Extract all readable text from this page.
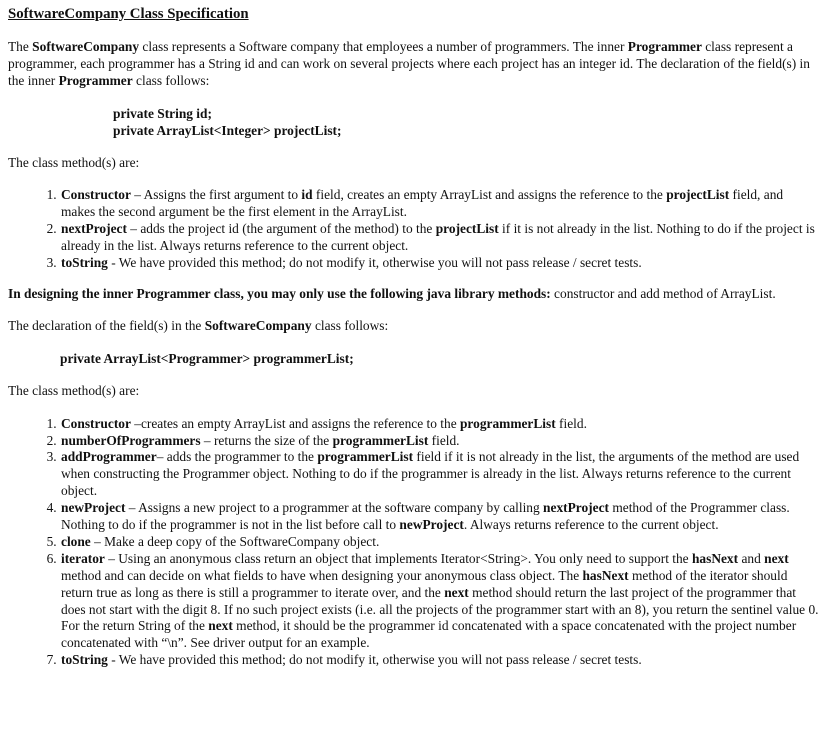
SoftwareCompany Class Specification

The SoftwareCompany class represents a Software company that employees a number of programmers. The inner Programmer class represent a programmer, each programmer has a String id and can work on several projects where each project has an integer id. The declaration of the field(s) in the inner Programmer class follows:

private String id;
private ArrayList<Integer> projectList;

The class method(s) are:

1. Constructor – Assigns the first argument to id field, creates an empty ArrayList and assigns the reference to the projectList field, and makes the second argument be the first element in the ArrayList.
2. nextProject – adds the project id (the argument of the method) to the projectList if it is not already in the list. Nothing to do if the project is already in the list. Always returns reference to the current object.
3. toString - We have provided this method; do not modify it, otherwise you will not pass release / secret tests.

In designing the inner Programmer class, you may only use the following java library methods: constructor and add method of ArrayList.

The declaration of the field(s) in the SoftwareCompany class follows:

private ArrayList<Programmer> programmerList;

The class method(s) are:

1. Constructor –creates an empty ArrayList and assigns the reference to the programmerList field.
2. numberOfProgrammers – returns the size of the programmerList field.
3. addProgrammer– adds the programmer to the programmerList field if it is not already in the list, the arguments of the method are used when constructing the Programmer object. Nothing to do if the programmer is already in the list. Always returns reference to the current object.
4. newProject – Assigns a new project to a programmer at the software company by calling nextProject method of the Programmer class. Nothing to do if the programmer is not in the list before call to newProject. Always returns reference to the current object.
5. clone – Make a deep copy of the SoftwareCompany object.
6. iterator – Using an anonymous class return an object that implements Iterator<String>. You only need to support the hasNext and next method and can decide on what fields to have when designing your anonymous class object. The hasNext method of the iterator should return true as long as there is still a programmer to iterate over, and the next method should return the last project of the programmer that does not start with the digit 8. If no such project exists (i.e. all the projects of the programmer start with an 8), you return the sentinel value 0. For the return String of the next method, it should be the programmer id concatenated with a space concatenated with the project number concatenated with “\n”. See driver output for an example.
7. toString - We have provided this method; do not modify it, otherwise you will not pass release / secret tests.
